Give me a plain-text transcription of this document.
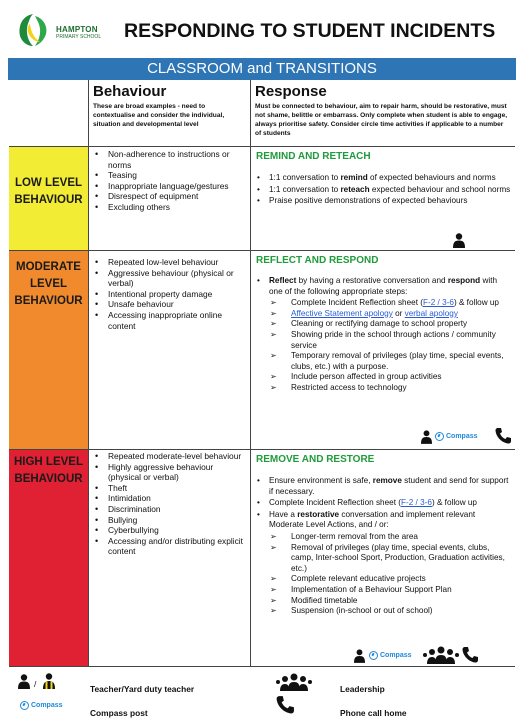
HAMPTON
PRIMARY SCHOOL RESPONDING TO STUDENT INCIDENTS
CLASSROOM and TRANSITIONS
Behaviour
These are broad examples - need to contextualise and consider the individual, situation and developmental level
Response
Must be connected to behaviour, aim to repair harm, should be restorative, must not shame, belittle or embarrass. Only complete when student is able to engage, always prioritise safety. Consider circle time activities if applicable to a number of students
LOW LEVEL
BEHAVIOUR
• Non-adherence to instructions or norms
• Teasing
• Inappropriate language/gestures
• Disrespect of equipment
• Excluding others
REMIND AND RETEACH
• 1:1 conversation to remind of expected behaviours and norms
• 1:1 conversation to reteach expected behaviour and school norms
• Praise positive demonstrations of expected behaviours
MODERATE
LEVEL
BEHAVIOUR
• Repeated low-level behaviour
• Aggressive behaviour (physical or verbal)
• Intentional property damage
• Unsafe behaviour
• Accessing inappropriate online content
REFLECT AND RESPOND
• Reflect by having a restorative conversation and respond with one of the following appropriate steps:
➢ Complete Incident Reflection sheet (F-2 / 3-6) & follow up
➢ Affective Statement apology or verbal apology
➢ Cleaning or rectifying damage to school property
➢ Showing pride in the school through actions / community service
➢ Temporary removal of privileges (play time, special events, clubs, etc.) with a purpose.
➢ Include person affected in group activities
➢ Restricted access to technology
Compass
HIGH LEVEL
BEHAVIOUR
• Repeated moderate-level behaviour
• Highly aggressive behaviour (physical or verbal)
• Theft
• Intimidation
• Discrimination
• Bullying
• Cyberbullying
• Accessing and/or distributing explicit content
REMOVE AND RESTORE
• Ensure environment is safe, remove student and send for support if necessary.
• Complete Incident Reflection sheet (F-2 / 3-6) & follow up
• Have a restorative conversation and implement relevant Moderate Level Actions, and / or:
➢ Longer-term removal from the area
➢ Removal of privileges (play time, special events, clubs, camp, Inter-school Sport, Production, Graduation activities, etc.)
➢ Complete relevant educative projects
➢ Implementation of a Behaviour Support Plan
➢ Modified timetable
➢ Suspension (in-school or out of school)
Compass
/	Teacher/Yard duty teacher	Leadership
Compass
Compass post	Phone call home
